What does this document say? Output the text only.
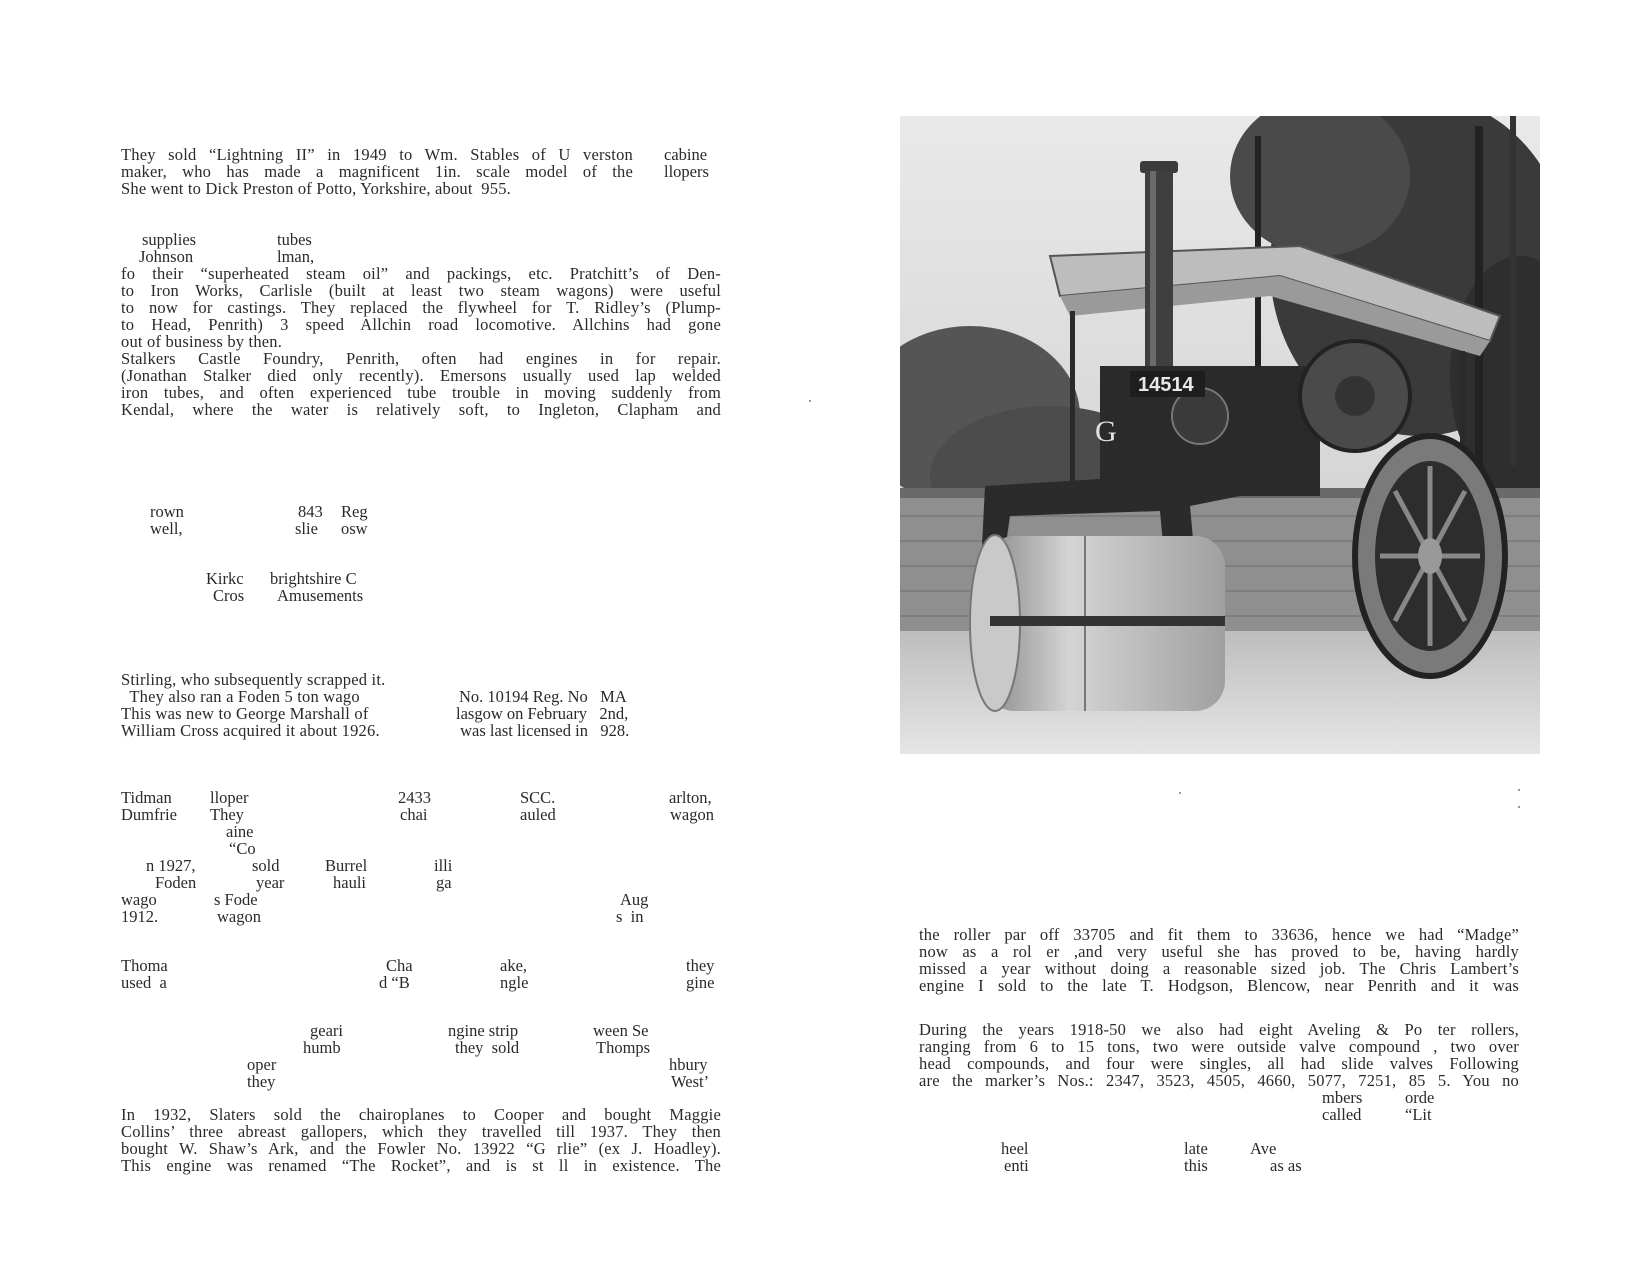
They sold “Lightning II” in 1949 to Wm. Stables of U verston
maker, who has made a magnificent 1in. scale model of the
She went to Dick Preston of Potto, Yorkshire, about  955.
cabine
llopers
supplies	tubes
Johnson	lman,
fo their “superheated steam oil” and packings, etc. Pratchitt’s of Den-
to Iron Works, Carlisle (built at least two steam wagons) were useful
to now for castings. They replaced the flywheel for T. Ridley’s (Plump-
to Head, Penrith) 3 speed Allchin road locomotive. Allchins had gone
out of business by then.
Stalkers Castle Foundry, Penrith, often had engines in for repair.
(Jonathan Stalker died only recently). Emersons usually used lap welded
iron tubes, and often experienced tube trouble in moving suddenly from
Kendal, where the water is relatively soft, to Ingleton, Clapham and
rown	843 Reg
well,	slie osw
Kirkc brightshire C
Cros Amusements
Stirling, who subsequently scrapped it.
They also ran a Foden 5 ton wago
This was new to George Marshall of
William Cross acquired it about 1926.
No. 10194 Reg. No   MA
lasgow on February   2nd,
was last licensed in   928.
Tidman lloper	2433	SCC.	arlton,
Dumfrie They	chai	auled	wagon
aine
“Co
n 1927,	sold	Burrel	illi
Foden	year	hauli	ga
wago	s Fode	Aug
1912.	wagon	s  in
Thoma	Cha	ake,	they
used  a	d “B	ngle	gine
geari	ngine strip	ween Se
humb	they  sold	Thomps
oper	hbury
they	West’
In 1932, Slaters sold the chairoplanes to Cooper and bought Maggie
Collins’ three abreast gallopers, which they travelled till 1937. They then
bought W. Shaw’s Ark, and the Fowler No. 13922 “G rlie” (ex J. Hoadley).
This engine was renamed “The Rocket”, and is st ll in existence. The
14514
G
the roller par off 33705 and fit them to 33636, hence we had “Madge”
now as a rol er ,and very useful she has proved to be, having hardly
missed a year without doing a reasonable sized job. The Chris Lambert’s
engine I sold to the late T. Hodgson, Blencow, near Penrith and it was
During the years 1918-50 we also had eight Aveling & Po ter rollers,
ranging from 6 to 15 tons, two were outside valve compound , two over
head compounds, and four were singles, all had slide valves Following
are the marker’s Nos.: 2347, 3523, 4505, 4660, 5077, 7251, 85 5. You no
mbers	orde
called	“Lit
heel	late	Ave
enti	this	as as
